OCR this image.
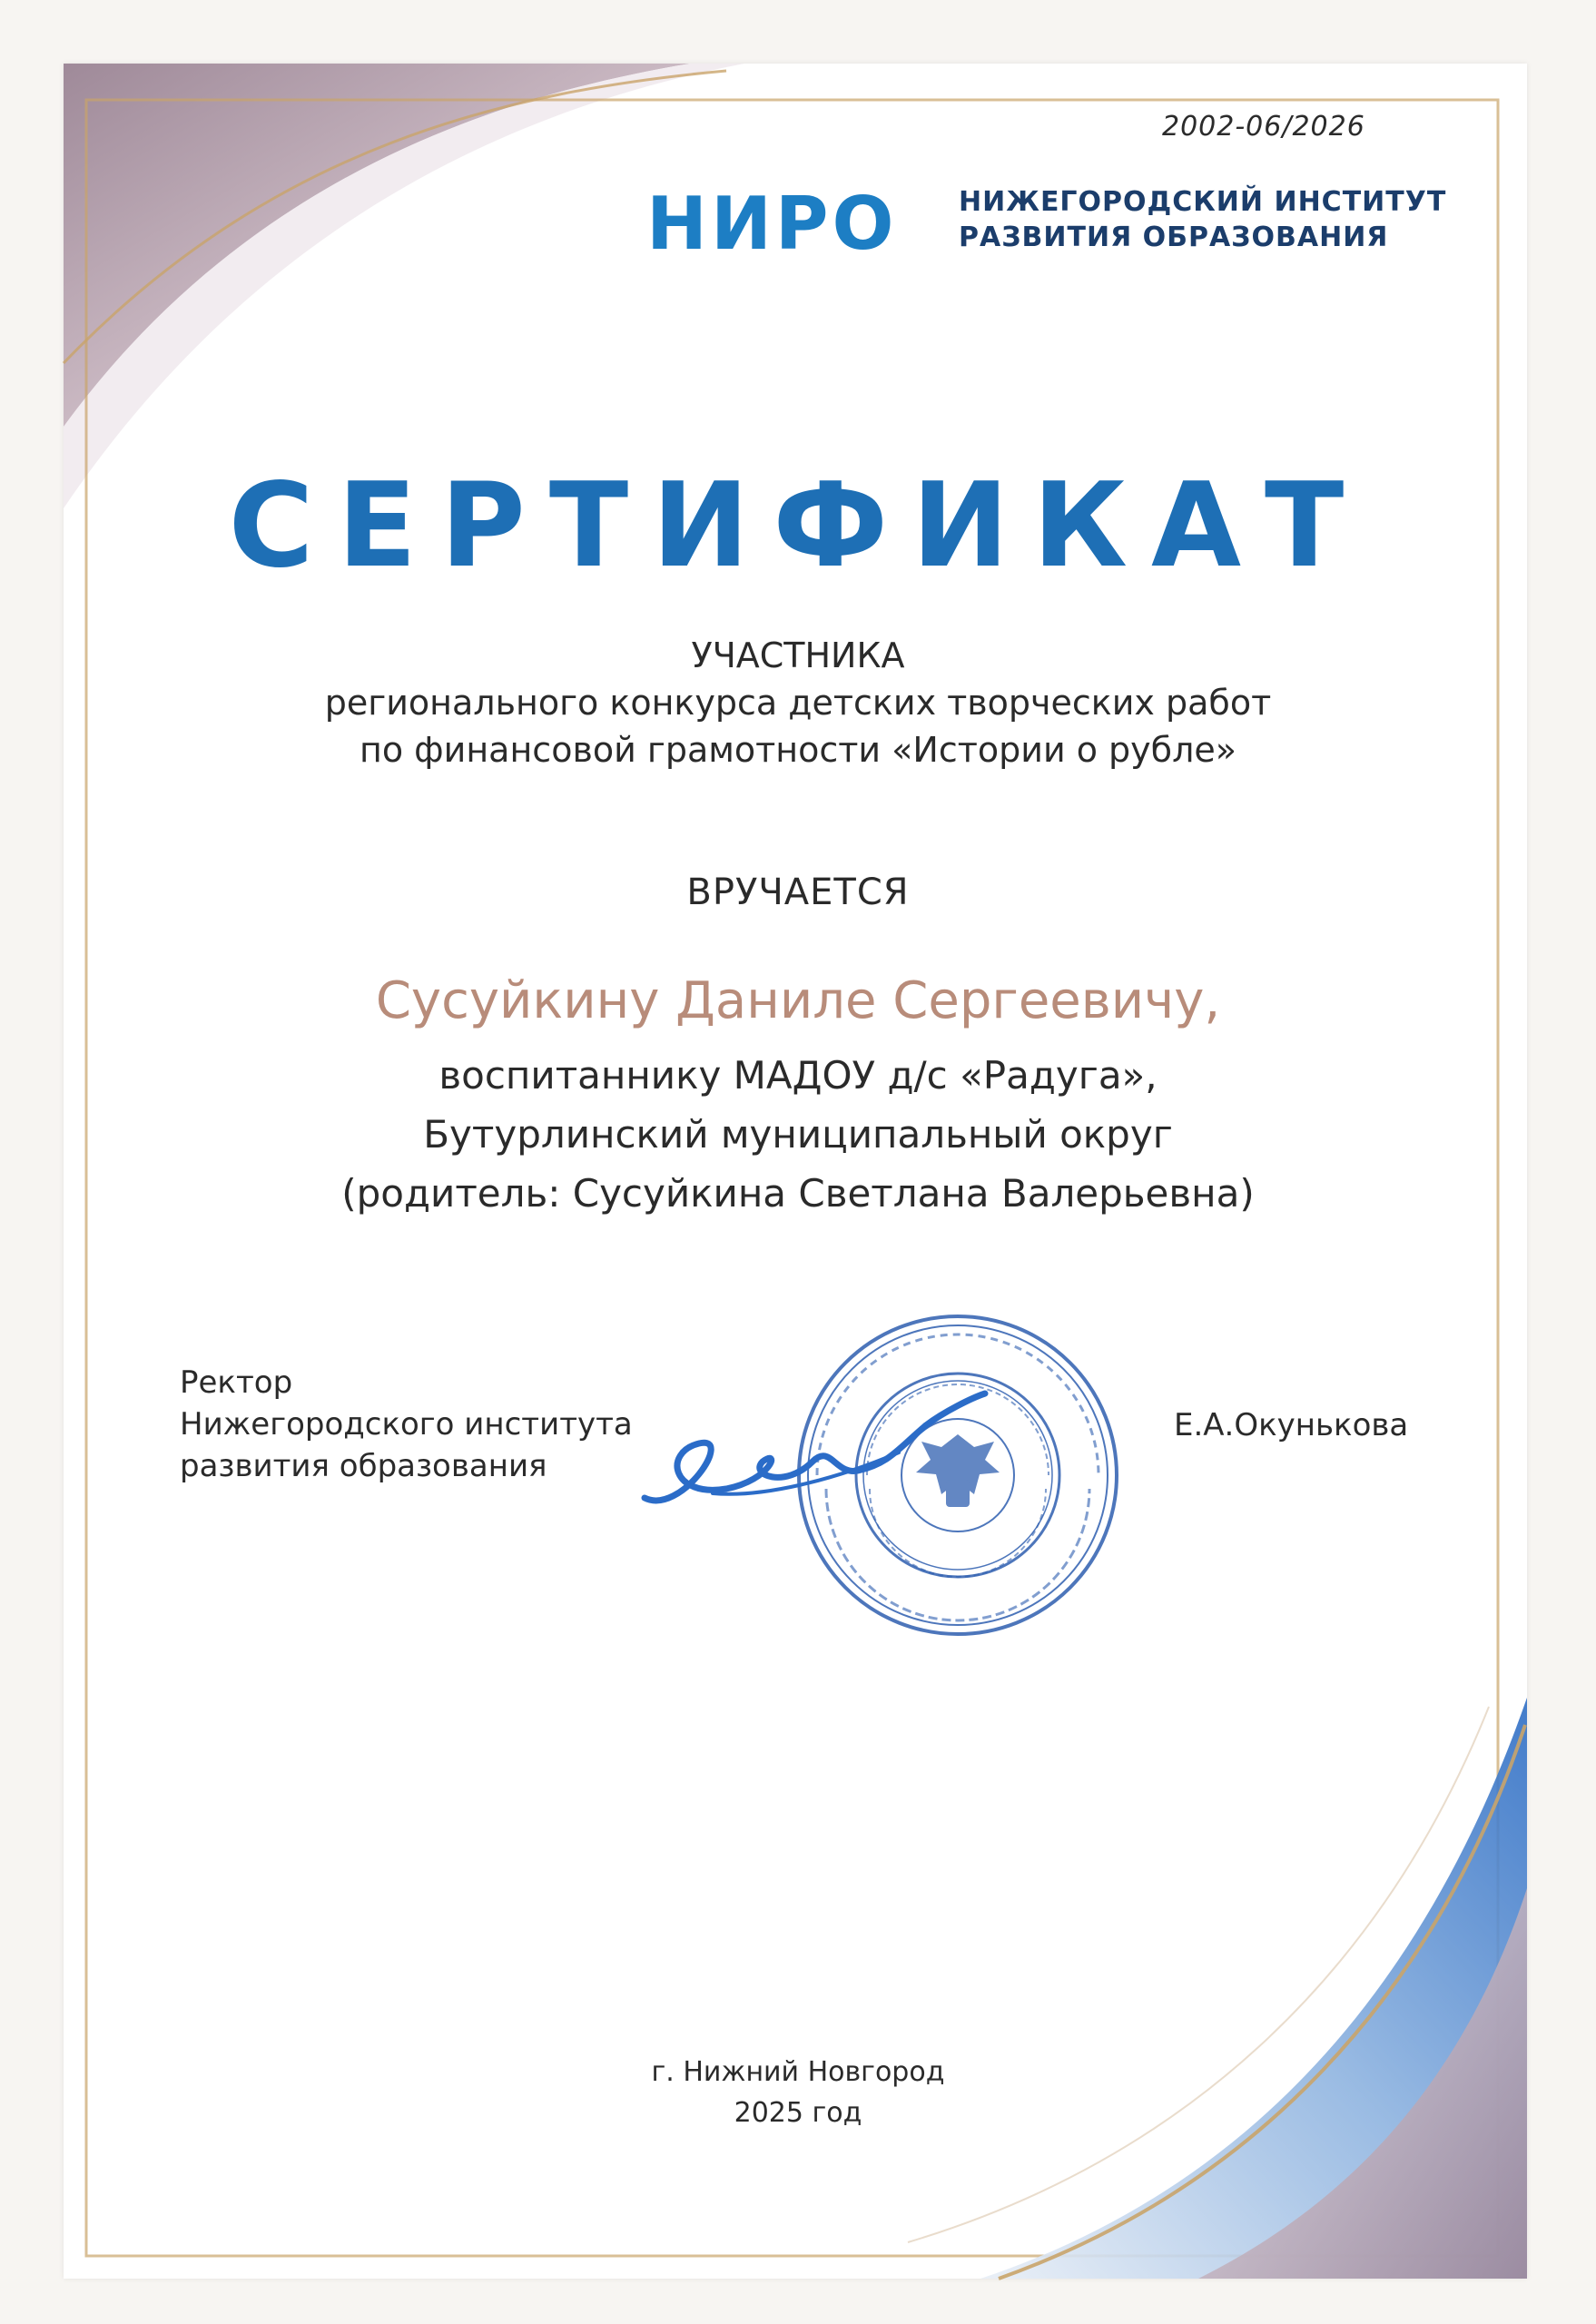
2002-06/2026
НИРО НИЖЕГОРОДСКИЙ ИНСТИТУТ
РАЗВИТИЯ ОБРАЗОВАНИЯ
СЕРТИФИКАТ
УЧАСТНИКА
регионального конкурса детских творческих работ
по финансовой грамотности «Истории о рубле»
ВРУЧАЕТСЯ
Сусуйкину Даниле Сергеевичу,
воспитаннику МАДОУ д/с «Радуга»,
Бутурлинский муниципальный округ
(родитель: Сусуйкина Светлана Валерьевна)
Ректор
Нижегородского института
развития образования
Е.А.Окунькова
г. Нижний Новгород
2025 год
